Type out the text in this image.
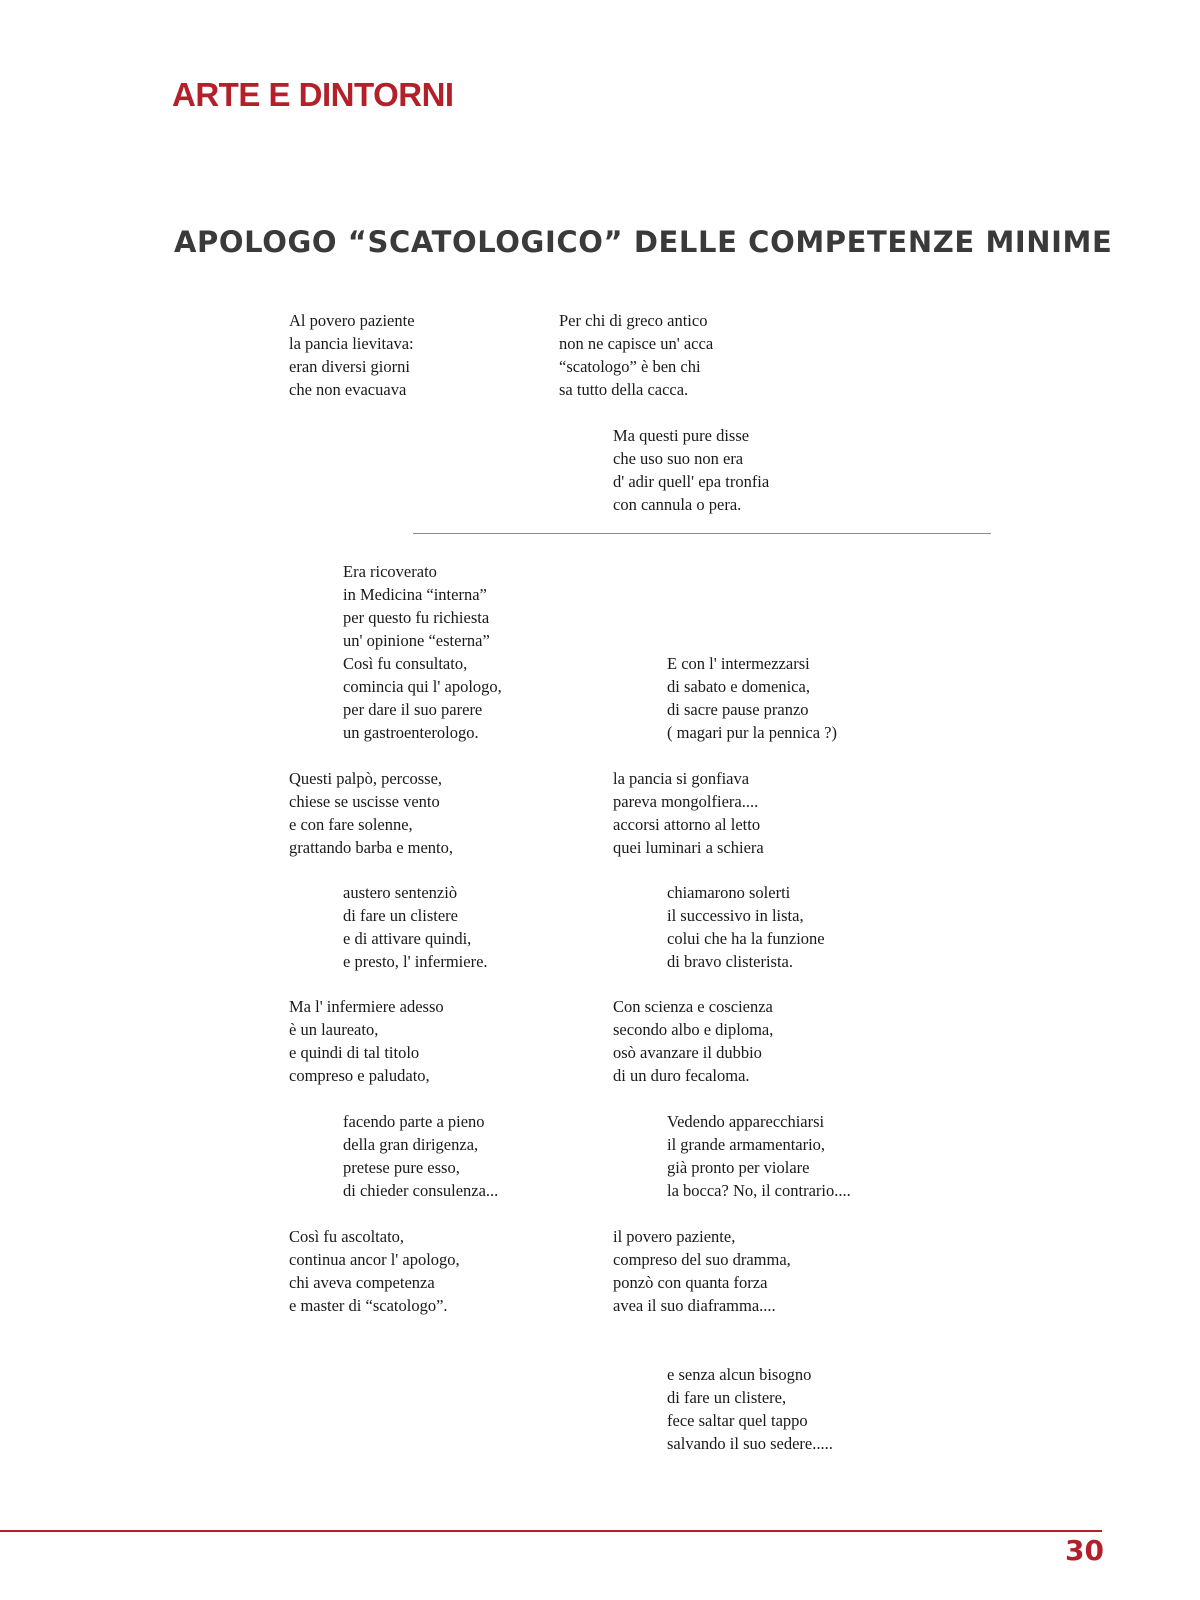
ARTE E DINTORNI
APOLOGO “SCATOLOGICO” DELLE COMPETENZE MINIME
Al povero paziente
la pancia lievitava:
eran diversi giorni
che non evacuava
Per chi di greco antico
non ne capisce un' acca
“scatologo” è ben chi
sa tutto della cacca.
Ma questi pure disse
che uso suo non era
d' adir quell' epa tronfia
con cannula o pera.
Era ricoverato
in Medicina “interna”
per questo fu richiesta
un' opinione “esterna”
Così fu consultato,
comincia qui l' apologo,
per dare il suo parere
un gastroenterologo.
E con l' intermezzarsi
di sabato e domenica,
di sacre pause pranzo
( magari pur la pennica ?)
Questi palpò, percosse,
chiese se uscisse vento
e con fare solenne,
grattando barba e mento,
la pancia si gonfiava
pareva mongolfiera....
accorsi attorno al letto
quei luminari a schiera
austero sentenziò
di fare un clistere
e di attivare quindi,
e presto, l' infermiere.
chiamarono solerti
il successivo in lista,
colui che ha la funzione
di bravo clisterista.
Ma l' infermiere adesso
è un laureato,
e quindi di tal titolo
compreso e paludato,
Con scienza e coscienza
secondo albo e diploma,
osò avanzare il dubbio
di un duro fecaloma.
facendo parte a pieno
della gran dirigenza,
pretese pure esso,
di chieder consulenza...
Vedendo apparecchiarsi
il grande armamentario,
già pronto per violare
la bocca? No, il contrario....
Così fu ascoltato,
continua ancor l' apologo,
chi aveva competenza
e master di “scatologo”.
il povero paziente,
compreso del suo dramma,
ponzò con quanta forza
avea il suo diaframma....
e senza alcun bisogno
di fare un clistere,
fece saltar quel tappo
salvando il suo sedere.....
30
